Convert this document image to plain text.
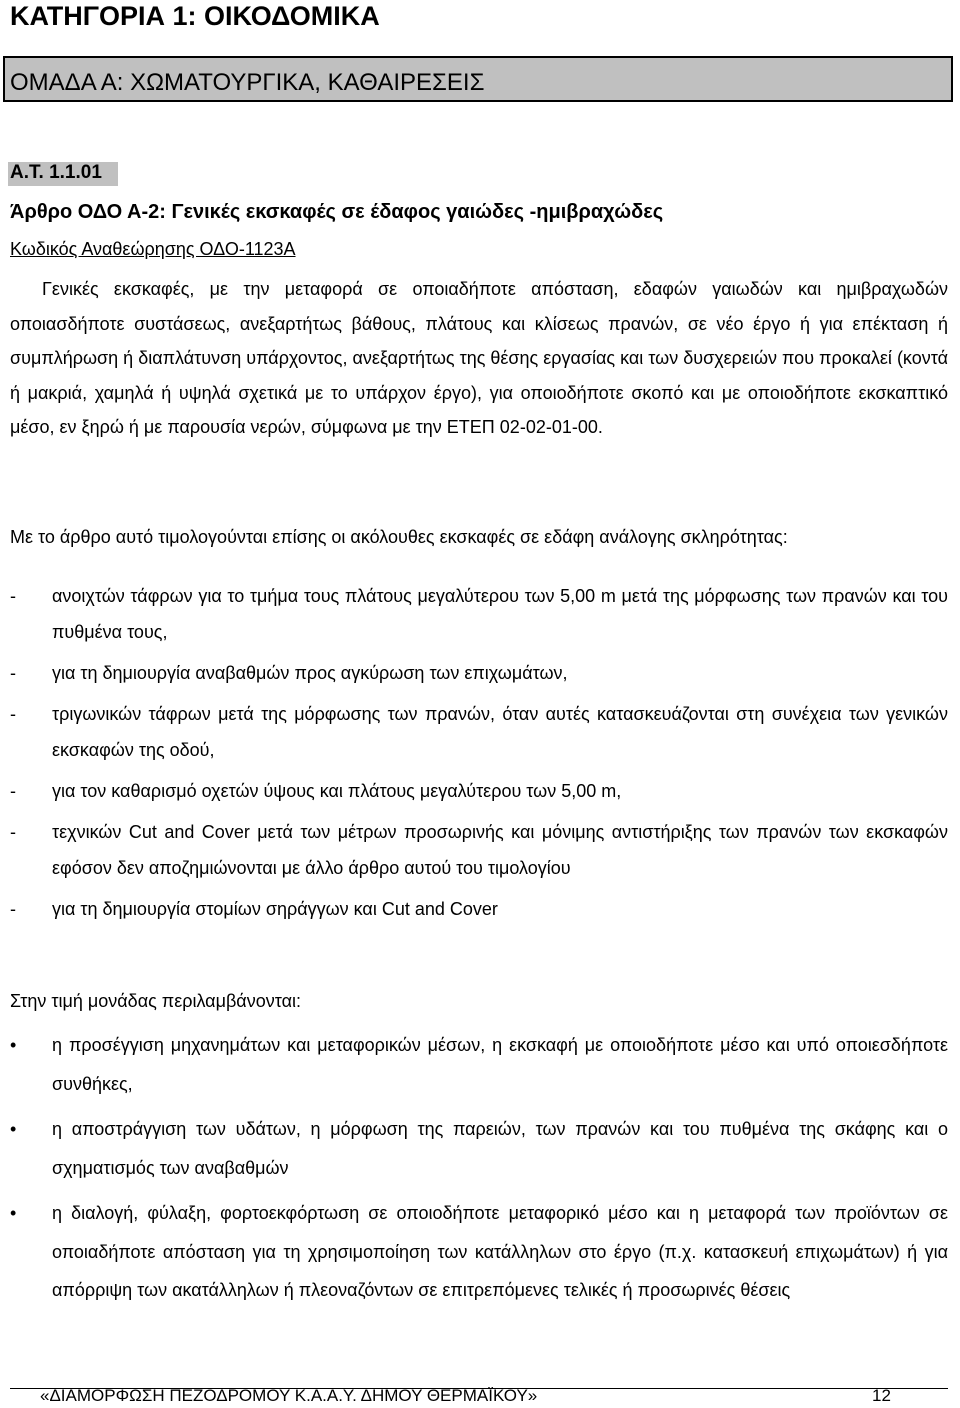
ΚΑΤΗΓΟΡΙΑ 1: ΟΙΚΟΔΟΜΙΚΑ
ΟΜΑΔΑ Α: ΧΩΜΑΤΟΥΡΓΙΚΑ, ΚΑΘΑΙΡΕΣΕΙΣ
Α.Τ. 1.1.01
Άρθρο ΟΔΟ Α-2: Γενικές εκσκαφές σε έδαφος γαιώδες -ημιβραχώδες
Κωδικός Αναθεώρησης ΟΔΟ-1123Α

Γενικές εκσκαφές, με την μεταφορά σε οποιαδήποτε απόσταση, εδαφών γαιωδών και ημιβραχωδών οποιασδήποτε συστάσεως, ανεξαρτήτως βάθους, πλάτους και κλίσεως πρανών, σε νέο έργο ή για επέκταση ή συμπλήρωση ή διαπλάτυνση υπάρχοντος, ανεξαρτήτως της θέσης εργασίας και των δυσχερειών που προκαλεί (κοντά ή μακριά, χαμηλά ή υψηλά σχετικά με το υπάρχον έργο), για οποιοδήποτε σκοπό και με οποιοδήποτε εκσκαπτικό μέσο, εν ξηρώ ή με παρουσία νερών, σύμφωνα με την ΕΤΕΠ 02-02-01-00.

Με το άρθρο αυτό τιμολογούνται επίσης οι ακόλουθες εκσκαφές σε εδάφη ανάλογης σκληρότητας:
- ανοιχτών τάφρων για το τμήμα τους πλάτους μεγαλύτερου των 5,00 m μετά της μόρφωσης των πρανών και του πυθμένα τους,
- για τη δημιουργία αναβαθμών προς αγκύρωση των επιχωμάτων,
- τριγωνικών τάφρων μετά της μόρφωσης των πρανών, όταν αυτές κατασκευάζονται στη συνέχεια των γενικών εκσκαφών της οδού,
- για τον καθαρισμό οχετών ύψους και πλάτους μεγαλύτερου των 5,00 m,
- τεχνικών Cut and Cover μετά των μέτρων προσωρινής και μόνιμης αντιστήριξης των πρανών των εκσκαφών εφόσον δεν αποζημιώνονται με άλλο άρθρο αυτού του τιμολογίου
- για τη δημιουργία στομίων σηράγγων και Cut and Cover
Στην τιμή μονάδας περιλαμβάνονται:
• η προσέγγιση μηχανημάτων και μεταφορικών μέσων, η εκσκαφή με οποιοδήποτε μέσο και υπό οποιεσδήποτε συνθήκες,
• η αποστράγγιση των υδάτων, η μόρφωση της παρειών, των πρανών και του πυθμένα της σκάφης και ο σχηματισμός των αναβαθμών
• η διαλογή, φύλαξη, φορτοεκφόρτωση σε οποιοδήποτε μεταφορικό μέσο και η μεταφορά των προϊόντων σε οποιαδήποτε απόσταση για τη χρησιμοποίηση των κατάλληλων στο έργο (π.χ. κατασκευή επιχωμάτων) ή για απόρριψη των ακατάλληλων ή πλεοναζόντων σε επιτρεπόμενες τελικές ή προσωρινές θέσεις
«ΔΙΑΜΟΡΦΩΣΗ ΠΕΖΟΔΡΟΜΟΥ Κ.Α.Α.Υ. ΔΗΜΟΥ ΘΕΡΜΑΪΚΟΥ»	12
